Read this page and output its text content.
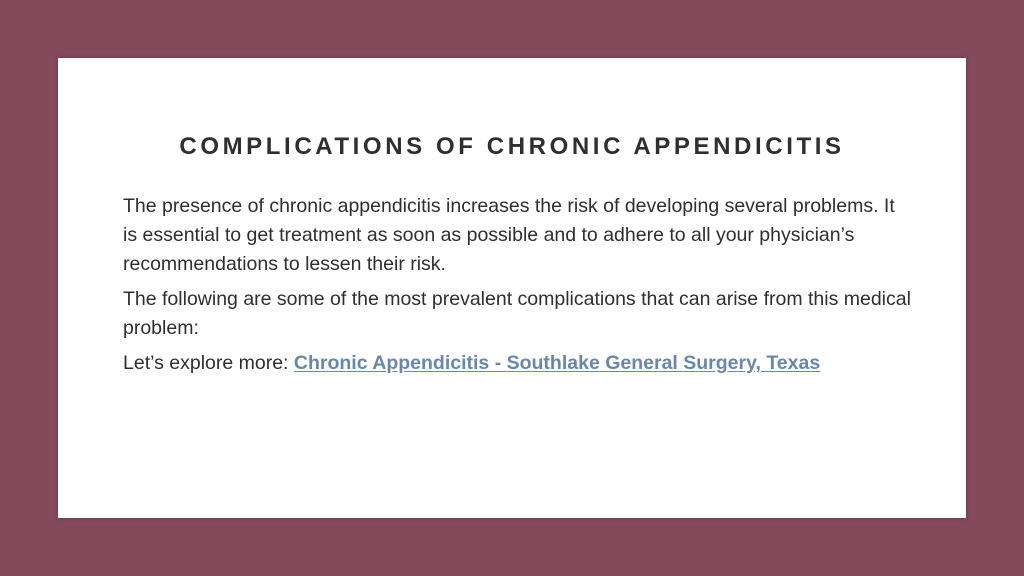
COMPLICATIONS OF CHRONIC APPENDICITIS

The presence of chronic appendicitis increases the risk of developing several problems. It is essential to get treatment as soon as possible and to adhere to all your physician’s recommendations to lessen their risk.

The following are some of the most prevalent complications that can arise from this medical problem:

Let’s explore more: Chronic Appendicitis - Southlake General Surgery, Texas
